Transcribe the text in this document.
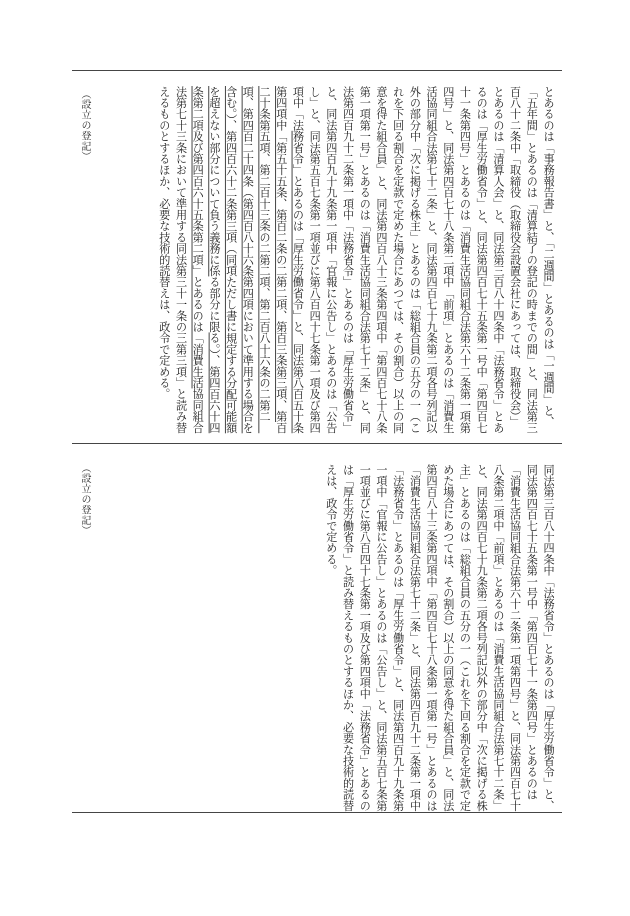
（設立の登記）	とあるのは「事務報告書」と、「二週間」とあるのは「一週間」と、「五年間」とあるのは「清算結了の登記の時までの間」と、同法第三百八十二条中「取締役（取締役会設置会社にあっては、取締役会）」とあるのは「清算人会」と、同法第三百八十四条中「法務省令」とあるのは「厚生労働省令」と、同法第四百七十五条第一号中「第四百七十一条第四号」とあるのは「消費生活協同組合法第六十二条第一項第四号」と、同法第四百七十八条第二項中「前項」とあるのは「消費生活協同組合法第七十二条」と、同法第四百七十九条第二項各号列記以外の部分中「次に掲げる株主」とあるのは「総組合員の五分の一（これを下回る割合を定款で定めた場合にあつては、その割合）以上の同意を得た組合員」と、同法第四百八十三条第四項中「第四百七十八条第一項第一号」とあるのは「消費生活協同組合法第七十二条」と、同法第四百九十二条第一項中「法務省令」とあるのは「厚生労働省令」と、同法第四百九十九条第一項中「官報に公告し」とあるのは「公告し」と、同法第五百七条第一項並びに第八百四十七条第一項及び第四項中「法務省令」とあるのは「厚生労働省令」と、同法第八百五十条第四項中「第五十五条、第百二条の二第二項、第百三条第三項、第百二十条第五項、第二百十三条の二第二項、第二百八十六条の二第二項、第四百二十四条（第四百八十六条第四項において準用する場合を含む。）、第四百六十二条第三項（同項ただし書に規定する分配可能額を超えない部分について負う義務に係る部分に限る。）、第四百六十四条第二項及び第四百六十五条第二項」とあるのは「消費生活協同組合法第七十三条において準用する同法第三十一条の三第三項」と読み替えるものとするほか、必要な技術的読替えは、政令で定める。
（設立の登記）	同法第三百八十四条中「法務省令」とあるのは「厚生労働省令」と、同法第四百七十五条第一号中「第四百七十一条第四号」とあるのは「消費生活協同組合法第六十二条第一項第四号」と、同法第四百七十八条第二項中「前項」とあるのは「消費生活協同組合法第七十二条」と、同法第四百七十九条第二項各号列記以外の部分中「次に掲げる株主」とあるのは「総組合員の五分の一（これを下回る割合を定款で定めた場合にあつては、その割合）以上の同意を得た組合員」と、同法第四百八十三条第四項中「第四百七十八条第一項第一号」とあるのは「消費生活協同組合法第七十二条」と、同法第四百九十二条第一項中「法務省令」とあるのは「厚生労働省令」と、同法第四百九十九条第一項中「官報に公告し」とあるのは「公告し」と、同法第五百七条第一項並びに第八百四十七条第一項及び第四項中「法務省令」とあるのは「厚生労働省令」と読み替えるものとするほか、必要な技術的読替えは、政令で定める。
